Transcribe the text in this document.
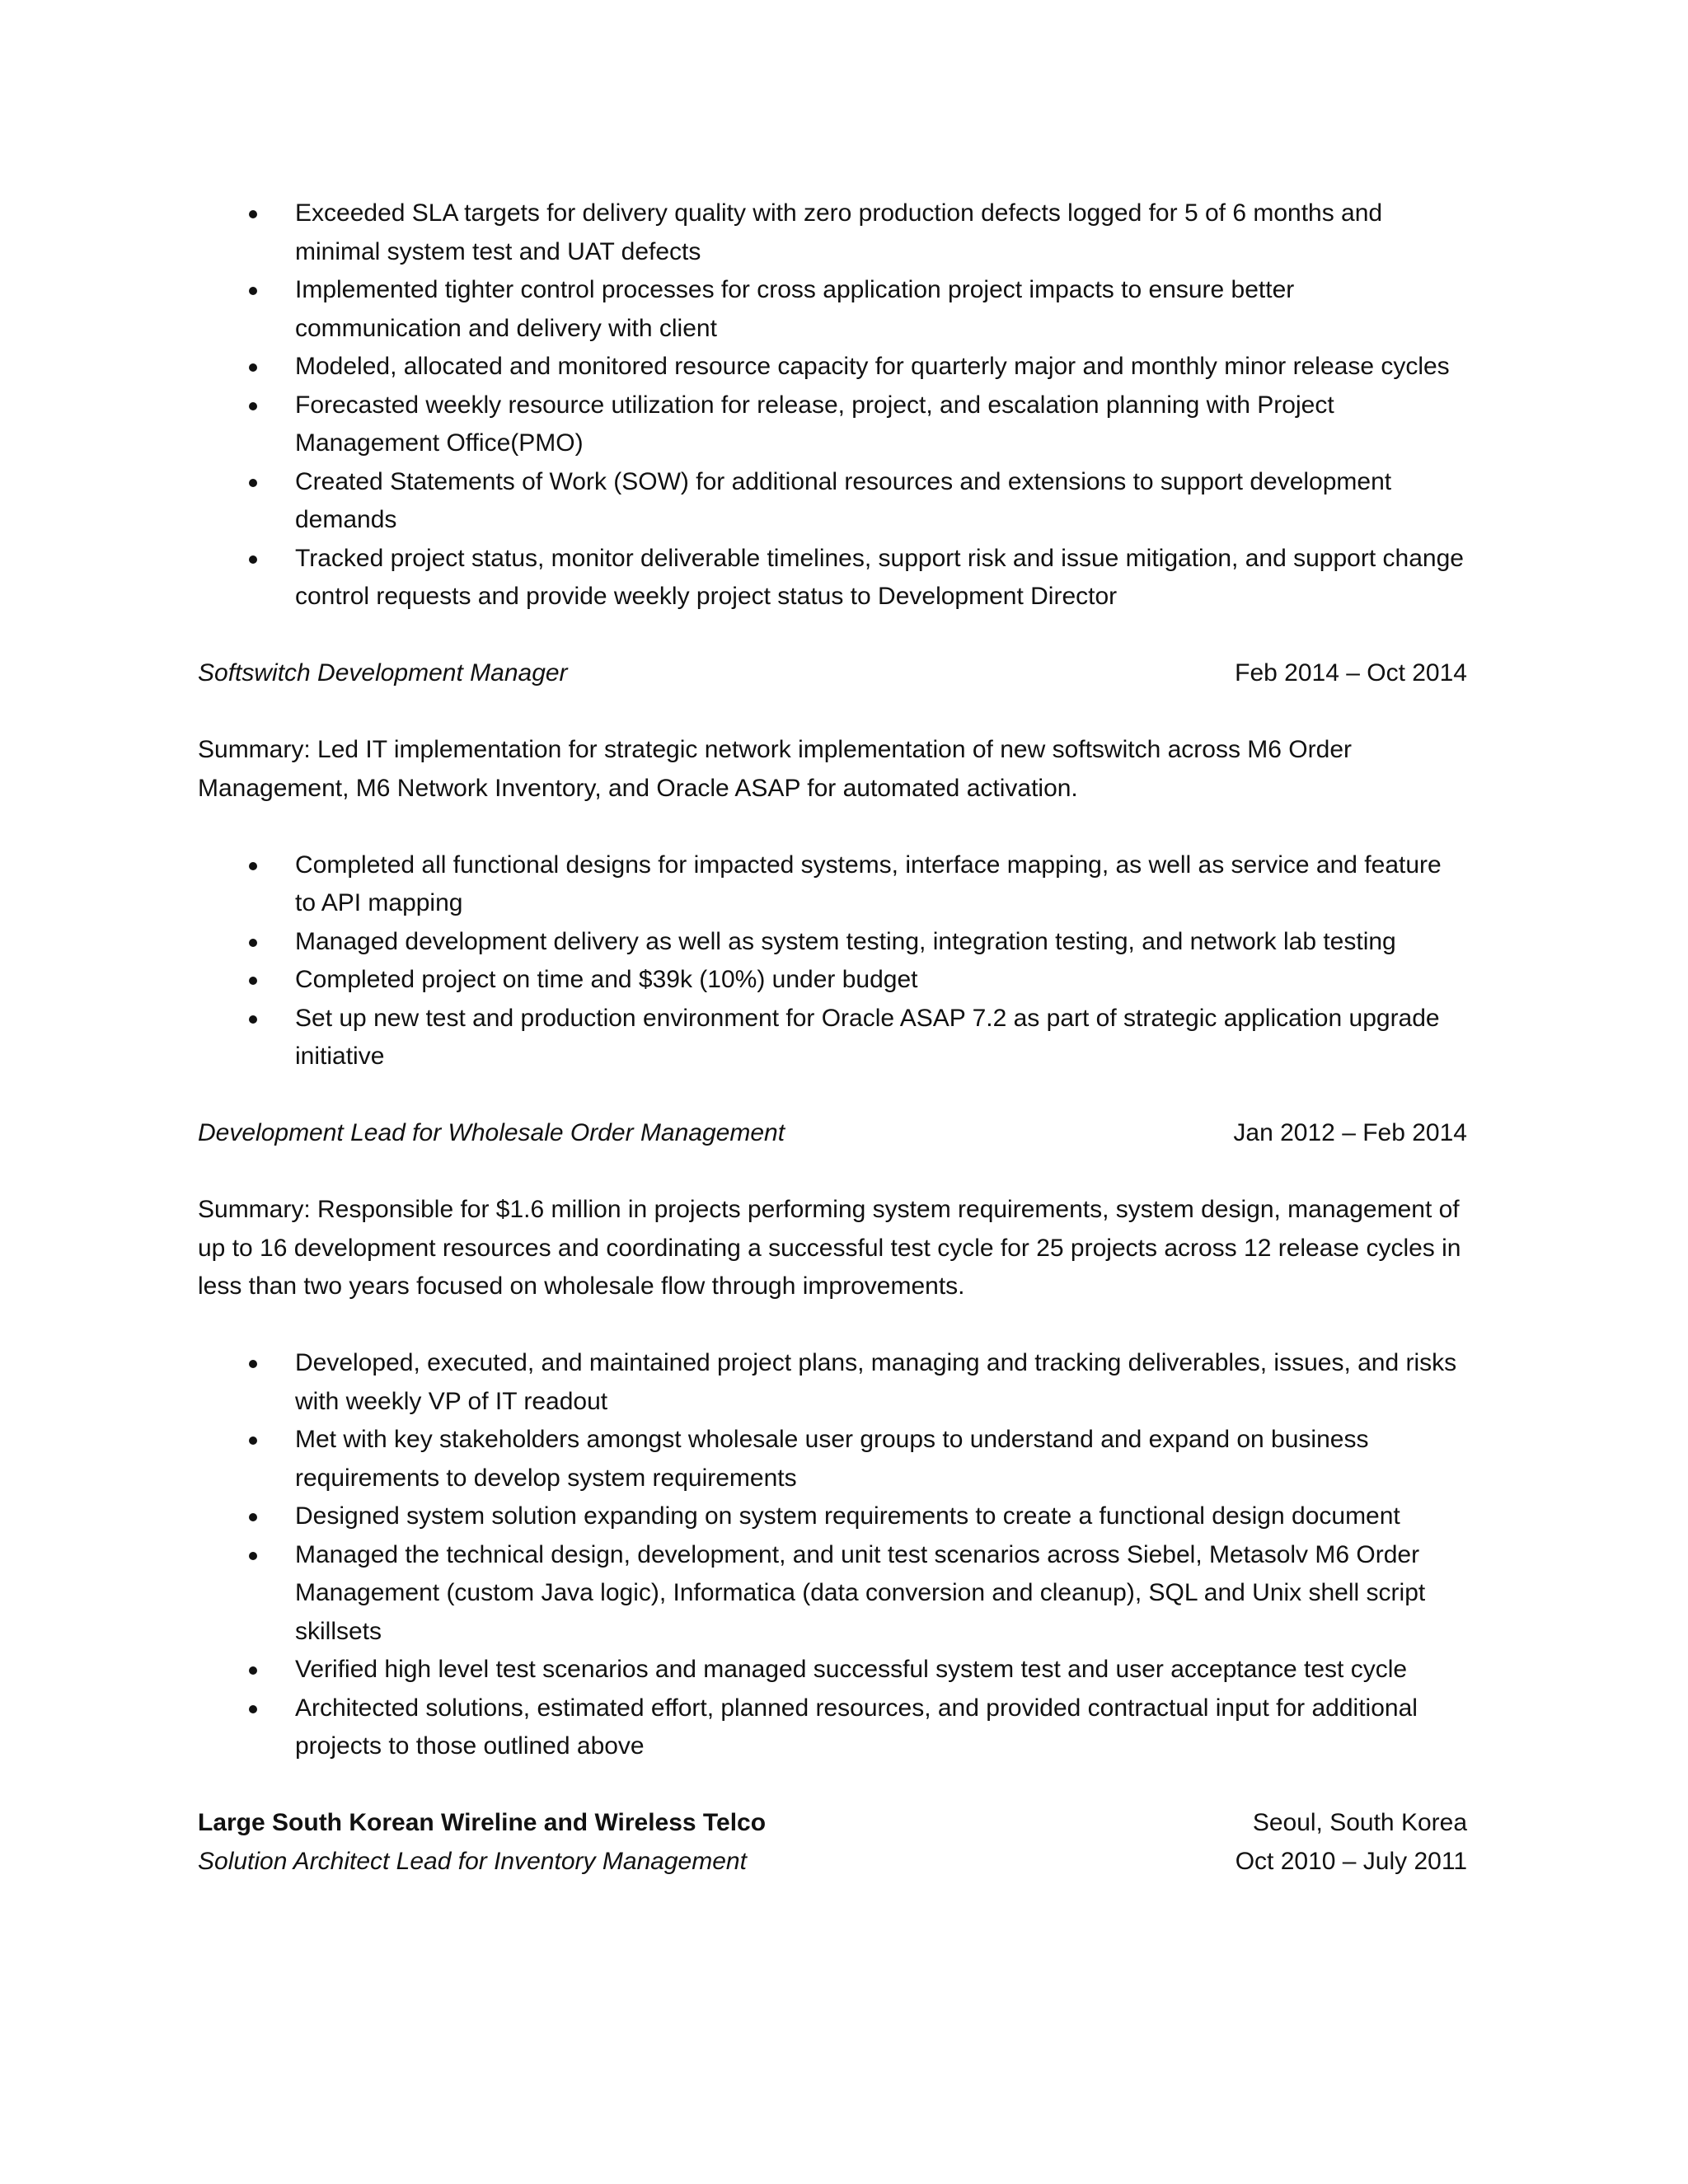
Exceeded SLA targets for delivery quality with zero production defects logged for 5 of 6 months and minimal system test and UAT defects
Implemented tighter control processes for cross application project impacts to ensure better communication and delivery with client
Modeled, allocated and monitored resource capacity for quarterly major and monthly minor release cycles
Forecasted weekly resource utilization for release, project, and escalation planning with Project Management Office(PMO)
Created Statements of Work (SOW) for additional resources and extensions to support development demands
Tracked project status, monitor deliverable timelines, support risk and issue mitigation, and support change control requests and provide weekly project status to Development Director
Softswitch Development Manager	Feb 2014 – Oct 2014
Summary: Led IT implementation for strategic network implementation of new softswitch across M6 Order Management, M6 Network Inventory, and Oracle ASAP for automated activation.
Completed all functional designs for impacted systems, interface mapping, as well as service and feature to API mapping
Managed development delivery as well as system testing, integration testing, and network lab testing
Completed project on time and $39k (10%) under budget
Set up new test and production environment for Oracle ASAP 7.2 as part of strategic application upgrade initiative
Development Lead for Wholesale Order Management	Jan 2012 – Feb 2014
Summary: Responsible for $1.6 million in projects performing system requirements, system design, management of up to 16 development resources and coordinating a successful test cycle for 25 projects across 12 release cycles in less than two years focused on wholesale flow through improvements.
Developed, executed, and maintained project plans, managing and tracking deliverables, issues, and risks with weekly VP of IT readout
Met with key stakeholders amongst wholesale user groups to understand and expand on business requirements to develop system requirements
Designed system solution expanding on system requirements to create a functional design document
Managed the technical design, development, and unit test scenarios across Siebel, Metasolv M6 Order Management (custom Java logic), Informatica (data conversion and cleanup), SQL and Unix shell script skillsets
Verified high level test scenarios and managed successful system test and user acceptance test cycle
Architected solutions, estimated effort, planned resources, and provided contractual input for additional projects to those outlined above
Large South Korean Wireline and Wireless Telco	Seoul, South Korea
Solution Architect Lead for Inventory Management	Oct 2010 – July 2011
